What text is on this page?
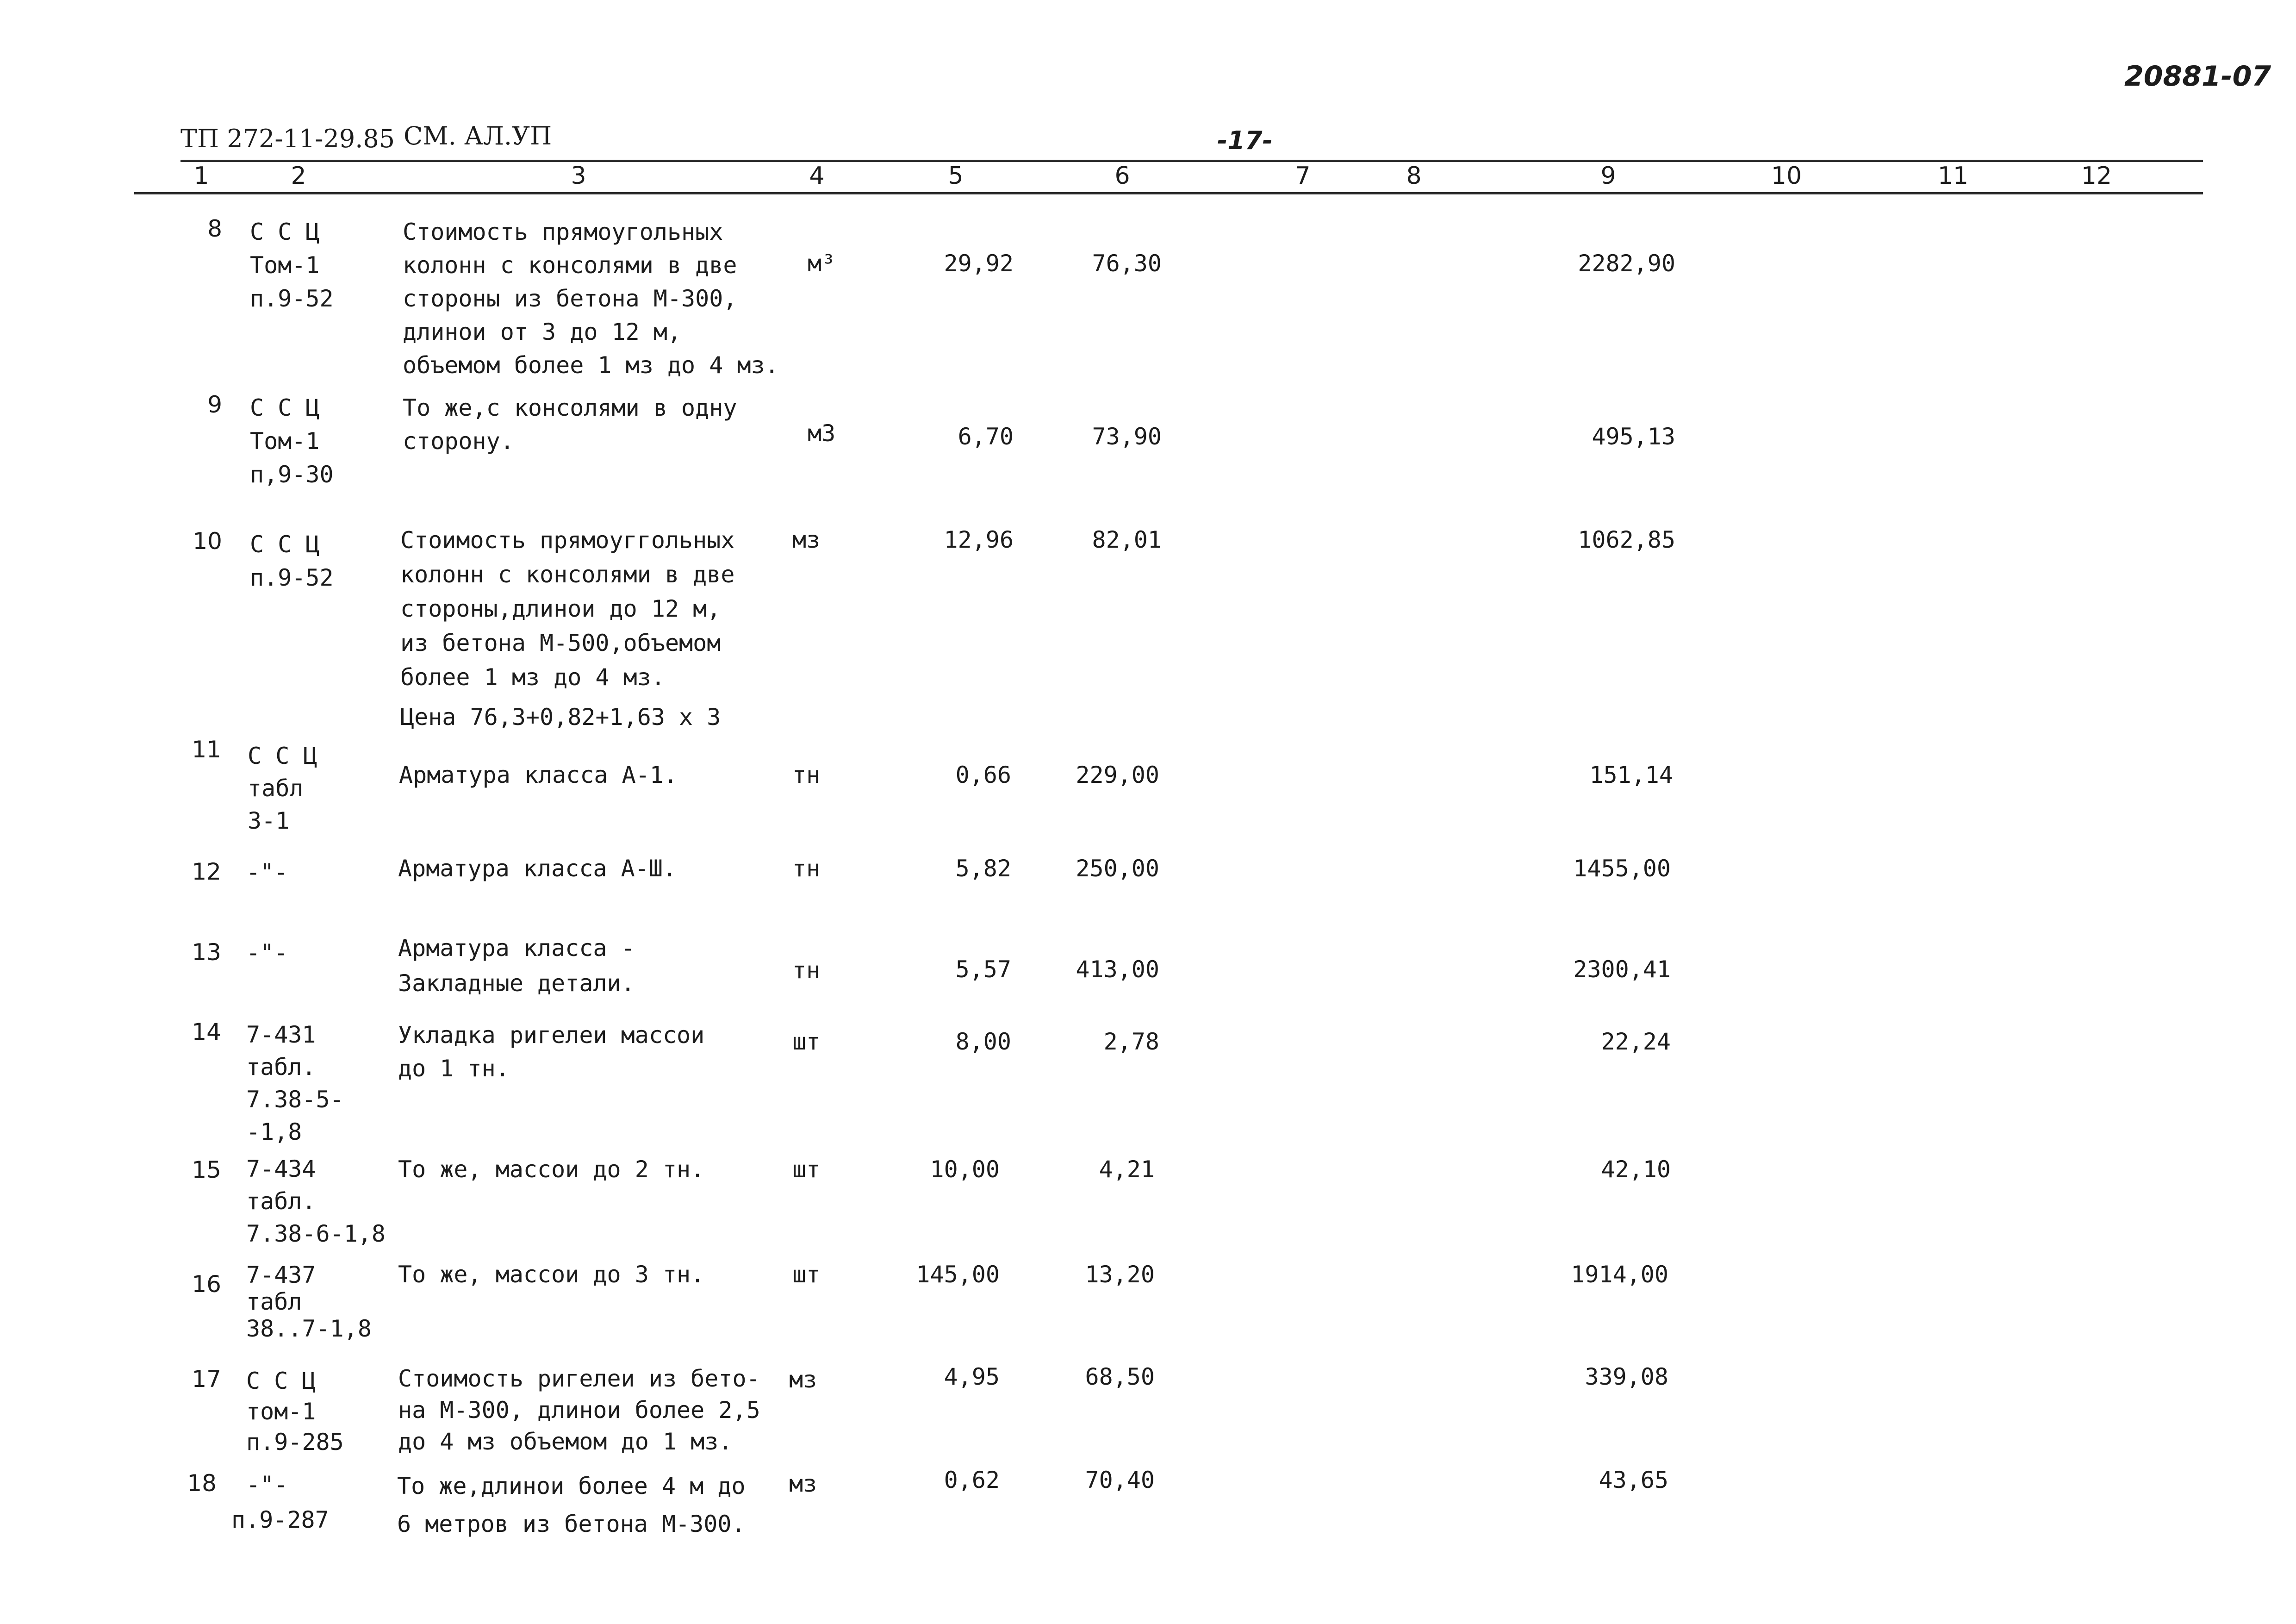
20881-07
ТП 272-11-29.85 СМ. АЛ.УП	-17-
1	2	3	4	5	6	7	8	9	10	11	12
8 С С Ц
Том-1
п.9-52
Стоимость прямоугольных
колонн с консолями в две
стороны из бетона М-300,
длинои от 3 до 12 м,
объемом более 1 мз до 4 мз.
м³	29,92	76,30	2282,90
9 С С Ц
Том-1
п,9-30
То же,с консолями в одну
сторону.	м3	6,70	73,90	495,13
10 С С Ц
п.9-52
Стоимость прямоуггольных
колонн с консолями в две
стороны,длинои до 12 м,
из бетона М-500,объемом
более 1 мз до 4 мз.
Цена 76,3+0,82+1,63 х 3
мз	12,96	82,01	1062,85
11 С С Ц
табл
3-1
Арматура класса А-1.	тн	0,66	229,00	151,14
12 -"-	Арматура класса А-Ш.	тн	5,82	250,00	1455,00
13 -"-	Арматура класса -
Закладные детали.	тн	5,57	413,00	2300,41
14 7-431
табл.
7.38-5-
-1,8
Укладка ригелеи массои
до 1 тн.
шт	8,00	2,78	22,24
15 7-434
табл.
7.38-6-1,8
То же, массои до 2 тн.	шт	10,00	4,21	42,10
16 7-437
табл
38..7-1,8
То же, массои до 3 тн.	шт	145,00	13,20	1914,00
17 С С Ц
том-1
п.9-285
Стоимость ригелеи из бето-
на М-300, длинои более 2,5
до 4 мз объемом до 1 мз.
мз	4,95	68,50	339,08
18	-"-
п.9-287
То же,длинои более 4 м до
6 метров из бетона М-300.
мз	0,62	70,40	43,65
